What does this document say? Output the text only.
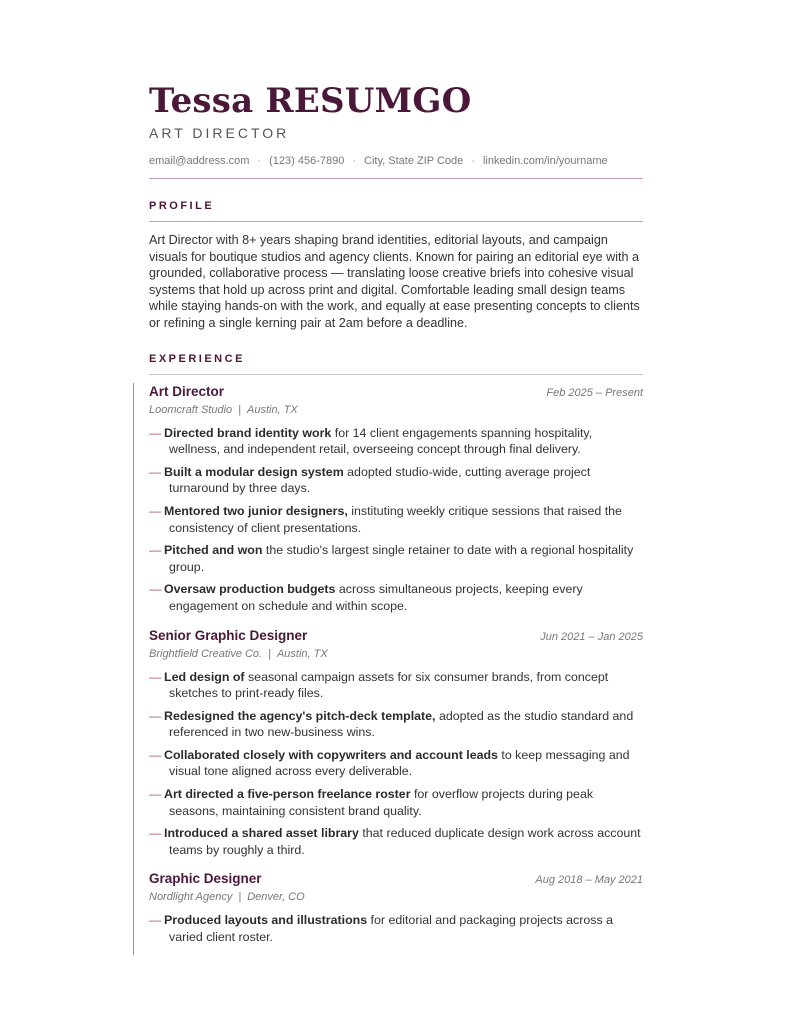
Tessa RESUMGO
ART DIRECTOR
email@address.com · (123) 456-7890 · City, State ZIP Code · linkedin.com/in/yourname
PROFILE
Art Director with 8+ years shaping brand identities, editorial layouts, and campaign visuals for boutique studios and agency clients. Known for pairing an editorial eye with a grounded, collaborative process — translating loose creative briefs into cohesive visual systems that hold up across print and digital. Comfortable leading small design teams while staying hands-on with the work, and equally at ease presenting concepts to clients or refining a single kerning pair at 2am before a deadline.
EXPERIENCE
Art Director	Feb 2025 – Present
Loomcraft Studio | Austin, TX
— Directed brand identity work for 14 client engagements spanning hospitality, wellness, and independent retail, overseeing concept through final delivery.
— Built a modular design system adopted studio-wide, cutting average project turnaround by three days.
— Mentored two junior designers, instituting weekly critique sessions that raised the consistency of client presentations.
— Pitched and won the studio's largest single retainer to date with a regional hospitality group.
— Oversaw production budgets across simultaneous projects, keeping every engagement on schedule and within scope.
Senior Graphic Designer	Jun 2021 – Jan 2025
Brightfield Creative Co. | Austin, TX
— Led design of seasonal campaign assets for six consumer brands, from concept sketches to print-ready files.
— Redesigned the agency's pitch-deck template, adopted as the studio standard and referenced in two new-business wins.
— Collaborated closely with copywriters and account leads to keep messaging and visual tone aligned across every deliverable.
— Art directed a five-person freelance roster for overflow projects during peak seasons, maintaining consistent brand quality.
— Introduced a shared asset library that reduced duplicate design work across account teams by roughly a third.
Graphic Designer	Aug 2018 – May 2021
Nordlight Agency | Denver, CO
— Produced layouts and illustrations for editorial and packaging projects across a varied client roster.
